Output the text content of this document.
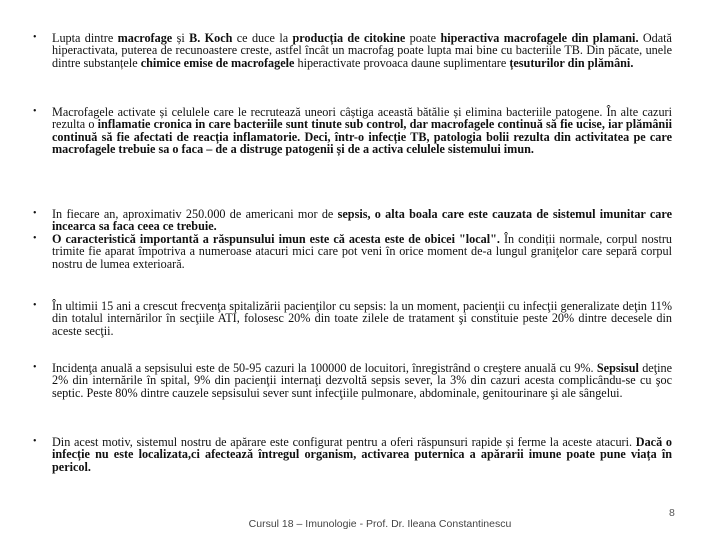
• Lupta dintre macrofage și B. Koch ce duce la producția de citokine poate hiperactiva macrofagele din plamani. Odată hiperactivata, puterea de recunoastere creste, astfel încât un macrofag poate lupta mai bine cu bacteriile TB. Din păcate, unele dintre substanțele chimice emise de macrofagele hiperactivate provoaca daune suplimentare țesuturilor din plămâni.
• Macrofagele activate și celulele care le recrutează uneori câștiga această bătălie și elimina bacteriile patogene. În alte cazuri rezulta o inflamatie cronica in care bacteriile sunt tinute sub control, dar macrofagele continuă să fie ucise, iar plămânii continuă să fie afectati de reacția inflamatorie. Deci, într-o infecție TB, patologia bolii rezulta din activitatea pe care macrofagele trebuie sa o faca – de a distruge patogenii și de a activa celulele sistemului imun.
• In fiecare an, aproximativ 250.000 de americani mor de sepsis, o alta boala care este cauzata de sistemul imunitar care incearca sa faca ceea ce trebuie.
• O caracteristică importantă a răspunsului imun este că acesta este de obicei "local". În condiții normale, corpul nostru trimite fie aparat împotriva a numeroase atacuri mici care pot veni în orice moment de-a lungul graniţelor care separă corpul nostru de lumea exterioară.
• În ultimii 15 ani a crescut frecvenţa spitalizării pacienţilor cu sepsis: la un moment, pacienţii cu infecţii generalizate deţin 11% din totalul internărilor în secţiile ATI, folosesc 20% din toate zilele de tratament şi constituie peste 20% dintre decesele din aceste secţii.
• Incidenţa anuală a sepsisului este de 50-95 cazuri la 100000 de locuitori, înregistrând o creştere anuală cu 9%. Sepsisul deţine 2% din internările în spital, 9% din pacienţii internaţi dezvoltă sepsis sever, la 3% din cazuri acesta complicându-se cu şoc septic. Peste 80% dintre cauzele sepsisului sever sunt infecţiile pulmonare, abdominale, genitourinare şi ale sângelui.
• Din acest motiv, sistemul nostru de apărare este configurat pentru a oferi răspunsuri rapide și ferme la aceste atacuri. Dacă o infecție nu este localizata,ci afecteazǎ întregul organism, activarea puternica a apǎrarii imune poate pune viața în pericol.
Cursul 18 – Imunologie - Prof. Dr. Ileana Constantinescu
8
